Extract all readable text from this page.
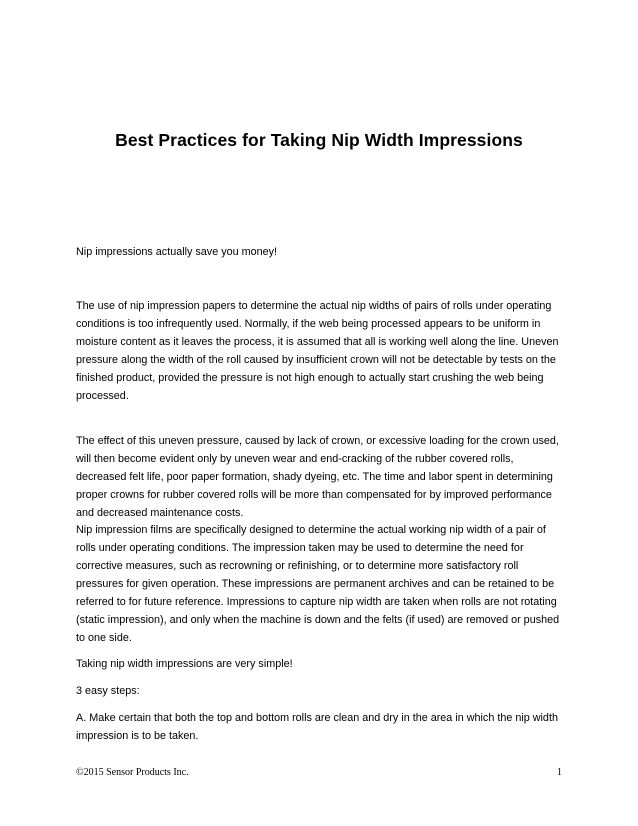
Best Practices for Taking Nip Width Impressions
Nip impressions actually save you money!
The use of nip impression papers to determine the actual nip widths of pairs of rolls under operating conditions is too infrequently used. Normally, if the web being processed appears to be uniform in moisture content as it leaves the process, it is assumed that all is working well along the line. Uneven pressure along the width of the roll caused by insufficient crown will not be detectable by tests on the finished product, provided the pressure is not high enough to actually start crushing the web being processed.
The effect of this uneven pressure, caused by lack of crown, or excessive loading for the crown used, will then become evident only by uneven wear and end-cracking of the rubber covered rolls, decreased felt life, poor paper formation, shady dyeing, etc. The time and labor spent in determining proper crowns for rubber covered rolls will be more than compensated for by improved performance and decreased maintenance costs.
Nip impression films are specifically designed to determine the actual working nip width of a pair of rolls under operating conditions. The impression taken may be used to determine the need for corrective measures, such as recrowning or refinishing, or to determine more satisfactory roll pressures for given operation. These impressions are permanent archives and can be retained to be referred to for future reference. Impressions to capture nip width are taken when rolls are not rotating (static impression), and only when the machine is down and the felts (if used) are removed or pushed to one side.
Taking nip width impressions are very simple!
3 easy steps:
A. Make certain that both the top and bottom rolls are clean and dry in the area in which the nip width impression is to be taken.
©2015 Sensor Products Inc.	1
